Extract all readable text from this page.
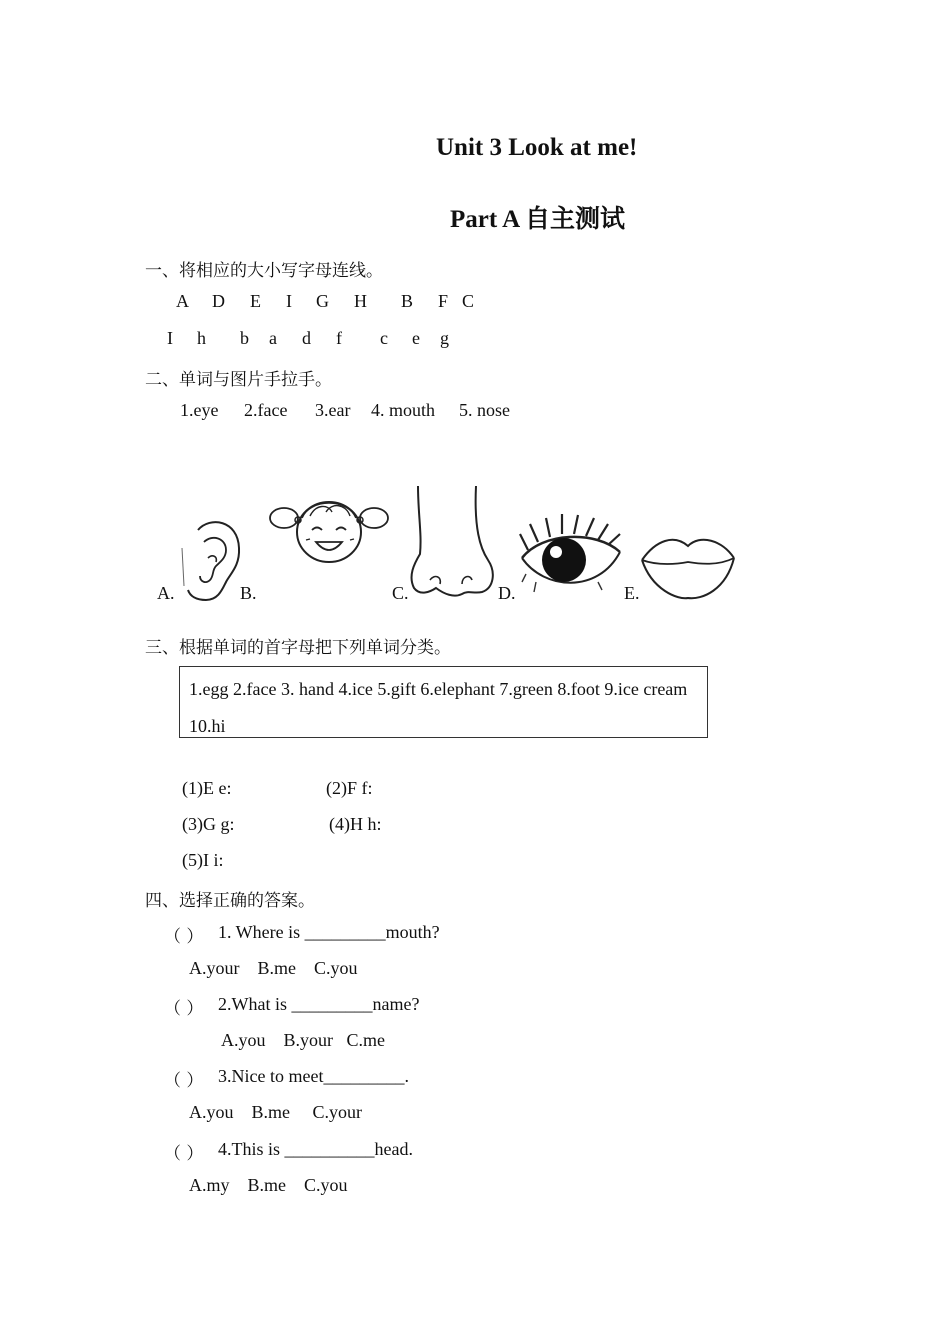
Unit 3 Look at me!
Part A 自主测试
一、将相应的大小写字母连线。
A D E I G H B F C
I h b a d f c e g
二、单词与图片手拉手。
1.eye 2.face 3.ear 4. mouth 5. nose
A.	B.	C.	D.	E.
三、根据单词的首字母把下列单词分类。
1.egg 2.face 3. hand 4.ice 5.gift 6.elephant 7.green 8.foot 9.ice cream 10.hi
(1)E e:	(2)F f:
(3)G g:	(4)H h:
(5)I i:
四、选择正确的答案。
（ ） 1. Where is _________mouth?
A.your    B.me    C.you
（ ） 2.What is _________name?
A.you    B.your   C.me
（ ） 3.Nice to meet_________.
A.you    B.me     C.your
（ ） 4.This is __________head.
A.my    B.me    C.you
